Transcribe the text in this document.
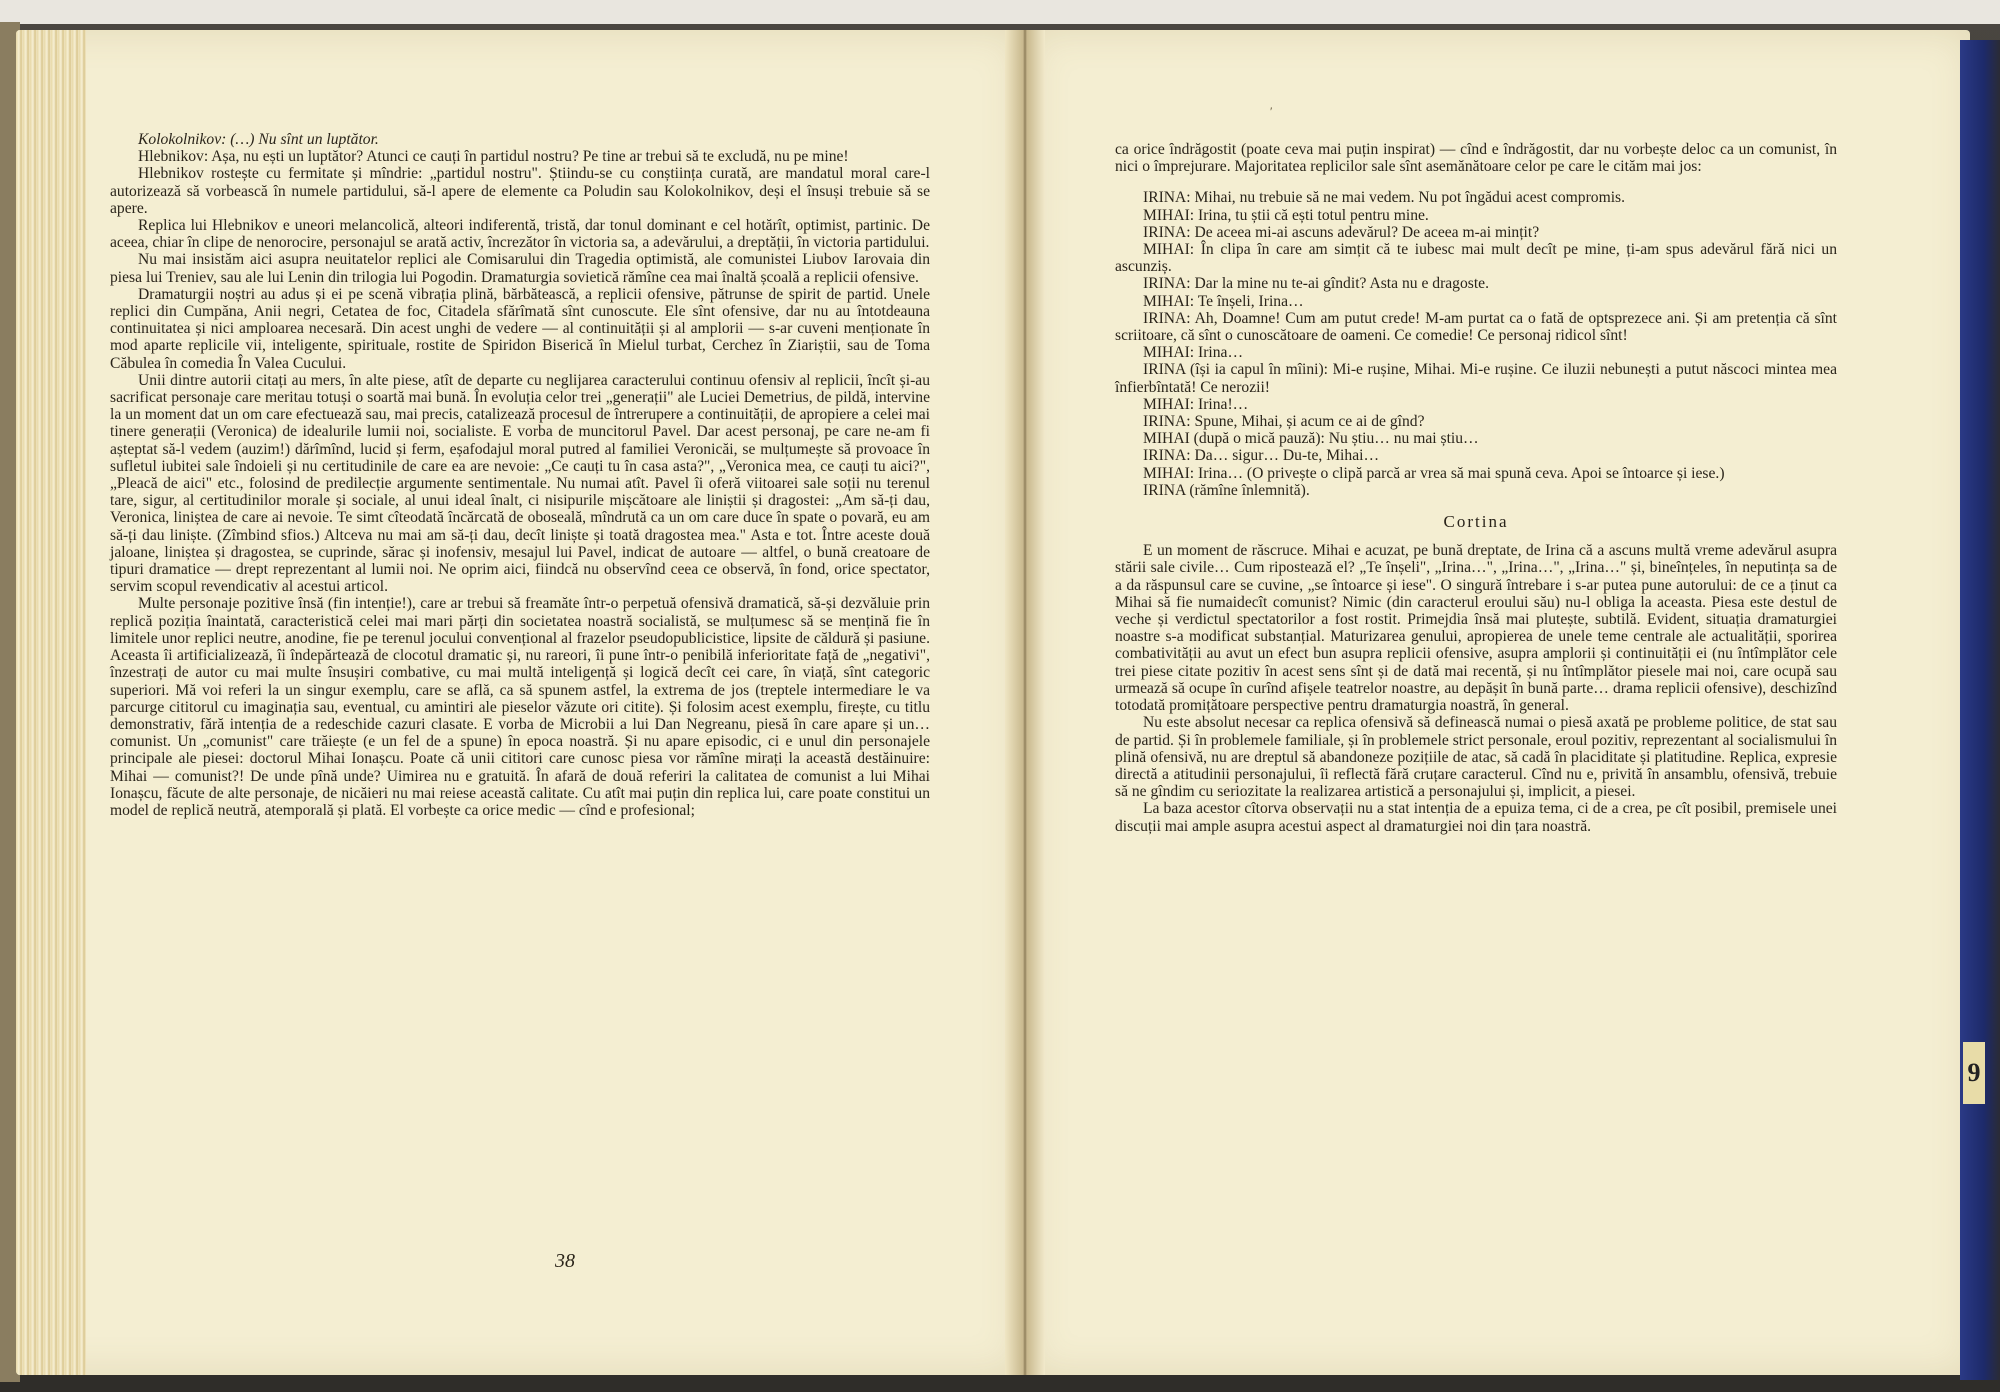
9
Kolokolnikov: (…) Nu sînt un luptător.
Hlebnikov: Așa, nu ești un luptător? Atunci ce cauți în partidul nostru? Pe tine ar trebui să te excludă, nu pe mine!

Hlebnikov rostește cu fermitate și mîndrie: „partidul nostru". Știindu-se cu conștiința curată, are mandatul moral care-l autorizează să vorbească în numele partidului, să-l apere de elemente ca Poludin sau Kolokolnikov, deși el însuși trebuie să se apere.

Replica lui Hlebnikov e uneori melancolică, alteori indiferentă, tristă, dar tonul dominant e cel hotărît, optimist, partinic. De aceea, chiar în clipe de nenorocire, personajul se arată activ, încrezător în victoria sa, a adevărului, a dreptății, în victoria partidului.

Nu mai insistăm aici asupra neuitatelor replici ale Comisarului din Tragedia optimistă, ale comunistei Liubov Iarovaia din piesa lui Treniev, sau ale lui Lenin din trilogia lui Pogodin. Dramaturgia sovietică rămîne cea mai înaltă școală a replicii ofensive.

Dramaturgii noștri au adus și ei pe scenă vibrația plină, bărbătească, a replicii ofensive, pătrunse de spirit de partid. Unele replici din Cumpăna, Anii negri, Cetatea de foc, Citadela sfărîmată sînt cunoscute. Ele sînt ofensive, dar nu au întotdeauna continuitatea și nici amploarea necesară. Din acest unghi de vedere — al continuității și al amplorii — s-ar cuveni menționate în mod aparte replicile vii, inteligente, spirituale, rostite de Spiridon Biserică în Mielul turbat, Cerchez în Ziariștii, sau de Toma Căbulea în comedia În Valea Cucului.

Unii dintre autorii citați au mers, în alte piese, atît de departe cu neglijarea caracterului continuu ofensiv al replicii, încît și-au sacrificat personaje care meritau totuși o soartă mai bună. În evoluția celor trei „generații" ale Luciei Demetrius, de pildă, intervine la un moment dat un om care efectuează sau, mai precis, catalizează procesul de întrerupere a continuității, de apropiere a celei mai tinere generații (Veronica) de idealurile lumii noi, socialiste. E vorba de muncitorul Pavel. Dar acest personaj, pe care ne-am fi așteptat să-l vedem (auzim!) dărîmînd, lucid și ferm, eșafodajul moral putred al familiei Veronicăi, se mulțumește să provoace în sufletul iubitei sale îndoieli și nu certitudinile de care ea are nevoie: „Ce cauți tu în casa asta?", „Veronica mea, ce cauți tu aici?", „Pleacă de aici" etc., folosind de predilecție argumente sentimentale. Nu numai atît. Pavel îi oferă viitoarei sale soții nu terenul tare, sigur, al certitudinilor morale și sociale, al unui ideal înalt, ci nisipurile mișcătoare ale liniștii și dragostei: „Am să-ți dau, Veronica, liniștea de care ai nevoie. Te simt cîteodată încărcată de oboseală, mîndrută ca un om care duce în spate o povară, eu am să-ți dau liniște. (Zîmbind sfios.) Altceva nu mai am să-ți dau, decît liniște și toată dragostea mea." Asta e tot. Între aceste două jaloane, liniștea și dragostea, se cuprinde, sărac și inofensiv, mesajul lui Pavel, indicat de autoare — altfel, o bună creatoare de tipuri dramatice — drept reprezentant al lumii noi. Ne oprim aici, fiindcă nu observînd ceea ce observă, în fond, orice spectator, servim scopul revendicativ al acestui articol.

Multe personaje pozitive însă (fin intenție!), care ar trebui să freamăte într-o perpetuă ofensivă dramatică, să-și dezvăluie prin replică poziția înaintată, caracteristică celei mai mari părți din societatea noastră socialistă, se mulțumesc să se mențină fie în limitele unor replici neutre, anodine, fie pe terenul jocului convențional al frazelor pseudopublicistice, lipsite de căldură și pasiune. Aceasta îi artificializează, îi îndepărtează de clocotul dramatic și, nu rareori, îi pune într-o penibilă inferioritate față de „negativi", înzestrați de autor cu mai multe însușiri combative, cu mai multă inteligență și logică decît cei care, în viață, sînt categoric superiori. Mă voi referi la un singur exemplu, care se află, ca să spunem astfel, la extrema de jos (treptele intermediare le va parcurge cititorul cu imaginația sau, eventual, cu amintiri ale pieselor văzute ori citite). Și folosim acest exemplu, firește, cu titlu demonstrativ, fără intenția de a redeschide cazuri clasate. E vorba de Microbii a lui Dan Negreanu, piesă în care apare și un… comunist. Un „comunist" care trăiește (e un fel de a spune) în epoca noastră. Și nu apare episodic, ci e unul din personajele principale ale piesei: doctorul Mihai Ionașcu. Poate că unii cititori care cunosc piesa vor rămîne mirați la această destăinuire: Mihai — comunist?! De unde pînă unde? Uimirea nu e gratuită. În afară de două referiri la calitatea de comunist a lui Mihai Ionașcu, făcute de alte personaje, de nicăieri nu mai reiese această calitate. Cu atît mai puțin din replica lui, care poate constitui un model de replică neutră, atemporală și plată. El vorbește ca orice medic — cînd e profesional;

38
′

ca orice îndrăgostit (poate ceva mai puțin inspirat) — cînd e îndrăgostit, dar nu vorbește deloc ca un comunist, în nici o împrejurare. Majoritatea replicilor sale sînt asemănătoare celor pe care le cităm mai jos:

IRINA: Mihai, nu trebuie să ne mai vedem. Nu pot îngădui acest compromis.

MIHAI: Irina, tu știi că ești totul pentru mine.

IRINA: De aceea mi-ai ascuns adevărul? De aceea m-ai mințit?

MIHAI: În clipa în care am simțit că te iubesc mai mult decît pe mine, ți-am spus adevărul fără nici un ascunziș.

IRINA: Dar la mine nu te-ai gîndit? Asta nu e dragoste.

MIHAI: Te înșeli, Irina…

IRINA: Ah, Doamne! Cum am putut crede! M-am purtat ca o fată de optsprezece ani. Și am pretenția că sînt scriitoare, că sînt o cunoscătoare de oameni. Ce comedie! Ce personaj ridicol sînt!

MIHAI: Irina…

IRINA (își ia capul în mîini): Mi-e rușine, Mihai. Mi-e rușine. Ce iluzii nebunești a putut născoci mintea mea înfierbîntată! Ce nerozii!

MIHAI: Irina!…

IRINA: Spune, Mihai, și acum ce ai de gînd?

MIHAI (după o mică pauză): Nu știu… nu mai știu…

IRINA: Da… sigur… Du-te, Mihai…

MIHAI: Irina… (O privește o clipă parcă ar vrea să mai spună ceva. Apoi se întoarce și iese.)

IRINA (rămîne înlemnită).

Cortina

E un moment de răscruce. Mihai e acuzat, pe bună dreptate, de Irina că a ascuns multă vreme adevărul asupra stării sale civile… Cum ripostează el? „Te înșeli", „Irina…", „Irina…", „Irina…" și, bineînțeles, în neputința sa de a da răspunsul care se cuvine, „se întoarce și iese". O singură întrebare i s-ar putea pune autorului: de ce a ținut ca Mihai să fie numaidecît comunist? Nimic (din caracterul eroului său) nu-l obliga la aceasta. Piesa este destul de veche și verdictul spectatorilor a fost rostit. Primejdia însă mai plutește, subtilă. Evident, situația dramaturgiei noastre s-a modificat substanțial. Maturizarea genului, apropierea de unele teme centrale ale actualității, sporirea combativității au avut un efect bun asupra replicii ofensive, asupra amplorii și continuității ei (nu întîmplător cele trei piese citate pozitiv în acest sens sînt și de dată mai recentă, și nu întîmplător piesele mai noi, care ocupă sau urmează să ocupe în curînd afișele teatrelor noastre, au depășit în bună parte… drama replicii ofensive), deschizînd totodată promițătoare perspective pentru dramaturgia noastră, în general.

Nu este absolut necesar ca replica ofensivă să definească numai o piesă axată pe probleme politice, de stat sau de partid. Și în problemele familiale, și în problemele strict personale, eroul pozitiv, reprezentant al socialismului în plină ofensivă, nu are dreptul să abandoneze pozițiile de atac, să cadă în placiditate și platitudine. Replica, expresie directă a atitudinii personajului, îi reflectă fără cruțare caracterul. Cînd nu e, privită în ansamblu, ofensivă, trebuie să ne gîndim cu seriozitate la realizarea artistică a personajului și, implicit, a piesei.

La baza acestor cîtorva observații nu a stat intenția de a epuiza tema, ci de a crea, pe cît posibil, premisele unei discuții mai ample asupra acestui aspect al dramaturgiei noi din țara noastră.
